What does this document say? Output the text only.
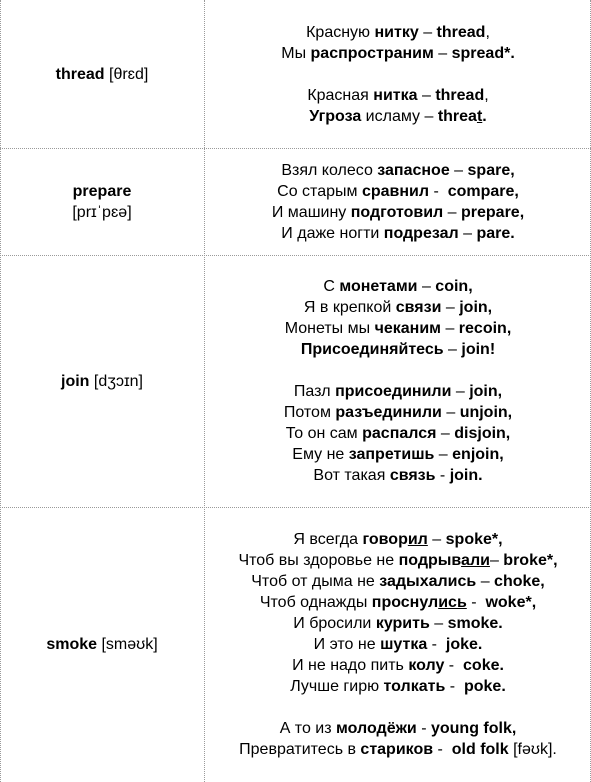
thread [θrɛd]
Красную нитку – thread,
Мы распространим – spread*.
Красная нитка – thread,
Угроза исламу – threat.
prepare
[prɪˈpɛə]
Взял колесо запасное – spare,
Со старым сравнил -  compare,
И машину подготовил – prepare,
И даже ногти подрезал – pare.
join [dʒɔɪn]
С монетами – coin,
Я в крепкой связи – join,
Монеты мы чеканим – recoin,
Присоединяйтесь – join!
Пазл присоединили – join,
Потом разъединили – unjoin,
То он сам распался – disjoin,
Ему не запретишь – enjoin,
Вот такая связь - join.
smoke [sməʊk]
Я всегда говорил – spoke*,
Чтоб вы здоровье не подрывали– broke*,
Чтоб от дыма не задыхались – choke,
Чтоб однажды проснулись -  woke*,
И бросили курить – smoke.
И это не шутка -  joke.
И не надо пить колу -  coke.
Лучше гирю толкать -  poke.
А то из молодёжи - young folk,
Превратитесь в стариков -  old folk [fəʊk].
